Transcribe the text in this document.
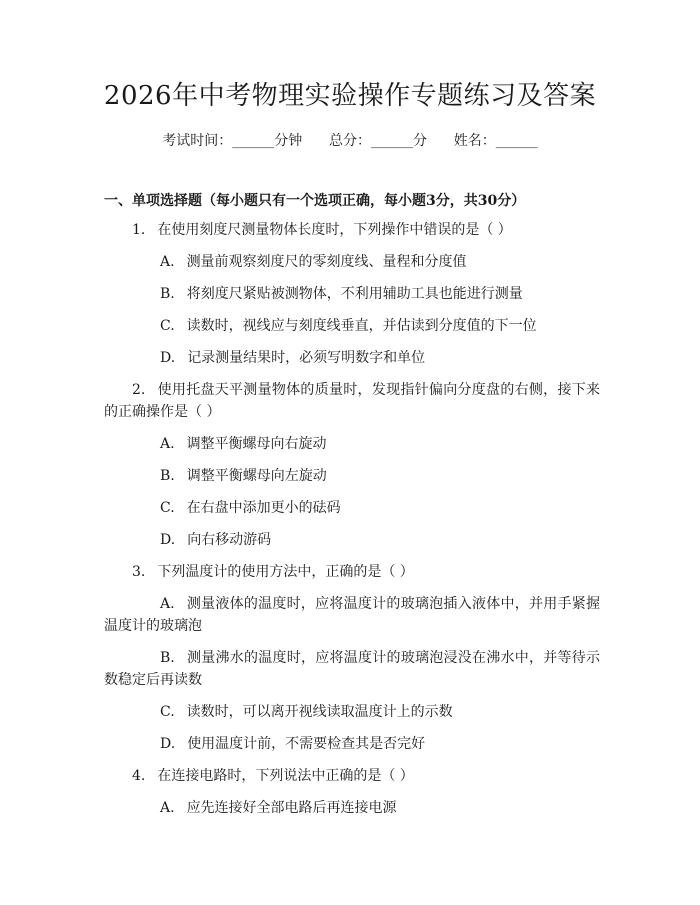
2026年中考物理实验操作专题练习及答案
考试时间：______分钟      总分：______分      姓名：______
一、单项选择题（每小题只有一个选项正确，每小题3分，共30分）

1. 在使用刻度尺测量物体长度时，下列操作中错误的是（ ）

A. 测量前观察刻度尺的零刻度线、量程和分度值

B. 将刻度尺紧贴被测物体，不利用辅助工具也能进行测量

C. 读数时，视线应与刻度线垂直，并估读到分度值的下一位

D. 记录测量结果时，必须写明数字和单位

2. 使用托盘天平测量物体的质量时，发现指针偏向分度盘的右侧，接下来的正确操作是（ ）

A. 调整平衡螺母向右旋动

B. 调整平衡螺母向左旋动

C. 在右盘中添加更小的砝码

D. 向右移动游码

3. 下列温度计的使用方法中，正确的是（ ）

A. 测量液体的温度时，应将温度计的玻璃泡插入液体中，并用手紧握温度计的玻璃泡

B. 测量沸水的温度时，应将温度计的玻璃泡浸没在沸水中，并等待示数稳定后再读数

C. 读数时，可以离开视线读取温度计上的示数

D. 使用温度计前，不需要检查其是否完好

4. 在连接电路时，下列说法中正确的是（ ）

A. 应先连接好全部电路后再连接电源
